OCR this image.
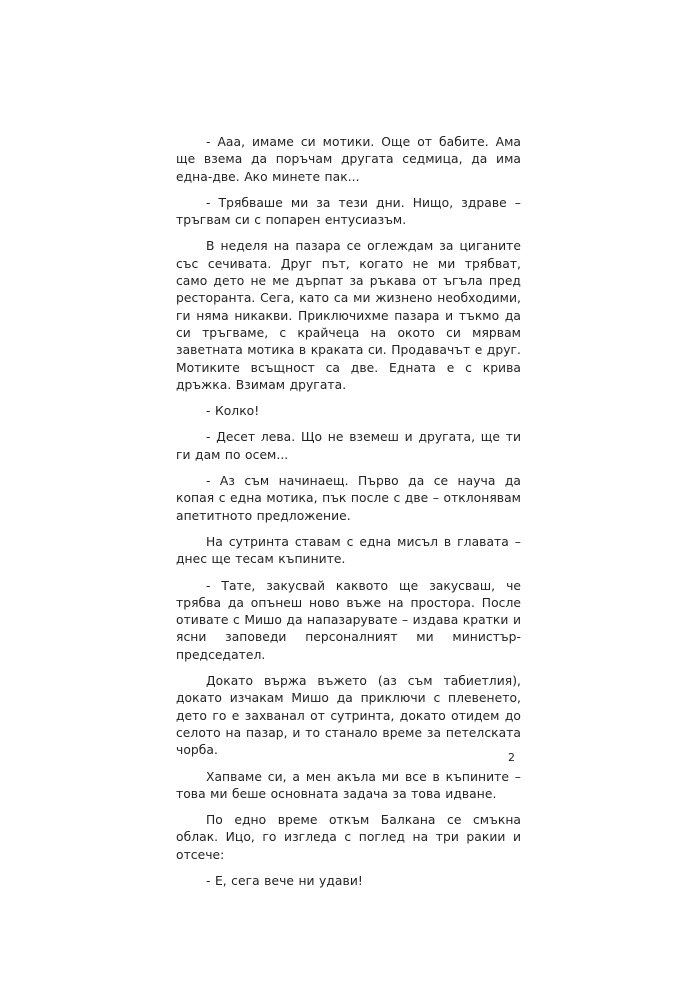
- Ааа, имаме си мотики. Още от бабите. Ама ще взема да поръчам другата седмица, да има една-две. Ако минете пак...

- Трябваше ми за тези дни. Нищо, здраве – тръгвам си с попарен ентусиазъм.

В неделя на пазара се оглеждам за циганите със сечивата. Друг път, когато не ми трябват, само дето не ме дърпат за ръкава от ъгъла пред ресторанта. Сега, като са ми жизнено необходими, ги няма никакви. Приключихме пазара и тъкмо да си тръгваме, с крайчеца на окото си мярвам заветната мотика в краката си. Продавачът е друг. Мотиките всъщност са две. Едната е с крива дръжка. Взимам другата.

- Колко!

- Десет лева. Що не вземеш и другата, ще ти ги дам по осем...

- Аз съм начинаещ. Първо да се науча да копая с една мотика, пък после с две – отклонявам апетитното предложение.

На сутринта ставам с една мисъл в главата – днес ще тесам къпините.

- Тате, закусвай каквото ще закусваш, че трябва да опънеш ново въже на простора. После отивате с Мишо да напазарувате – издава кратки и ясни заповеди персоналният ми министър-председател.

Докато вържа въжето (аз съм табиетлия), докато изчакам Мишо да приключи с плевенето, дето го е захванал от сутринта, докато отидем до селото на пазар, и то станало време за петелската чорба.

Хапваме си, а мен акъла ми все в къпините – това ми беше основната задача за това идване.

По едно време откъм Балкана се смъкна облак. Ицо, го изгледа с поглед на три ракии и отсече:

- Е, сега вече ни удави!

2
